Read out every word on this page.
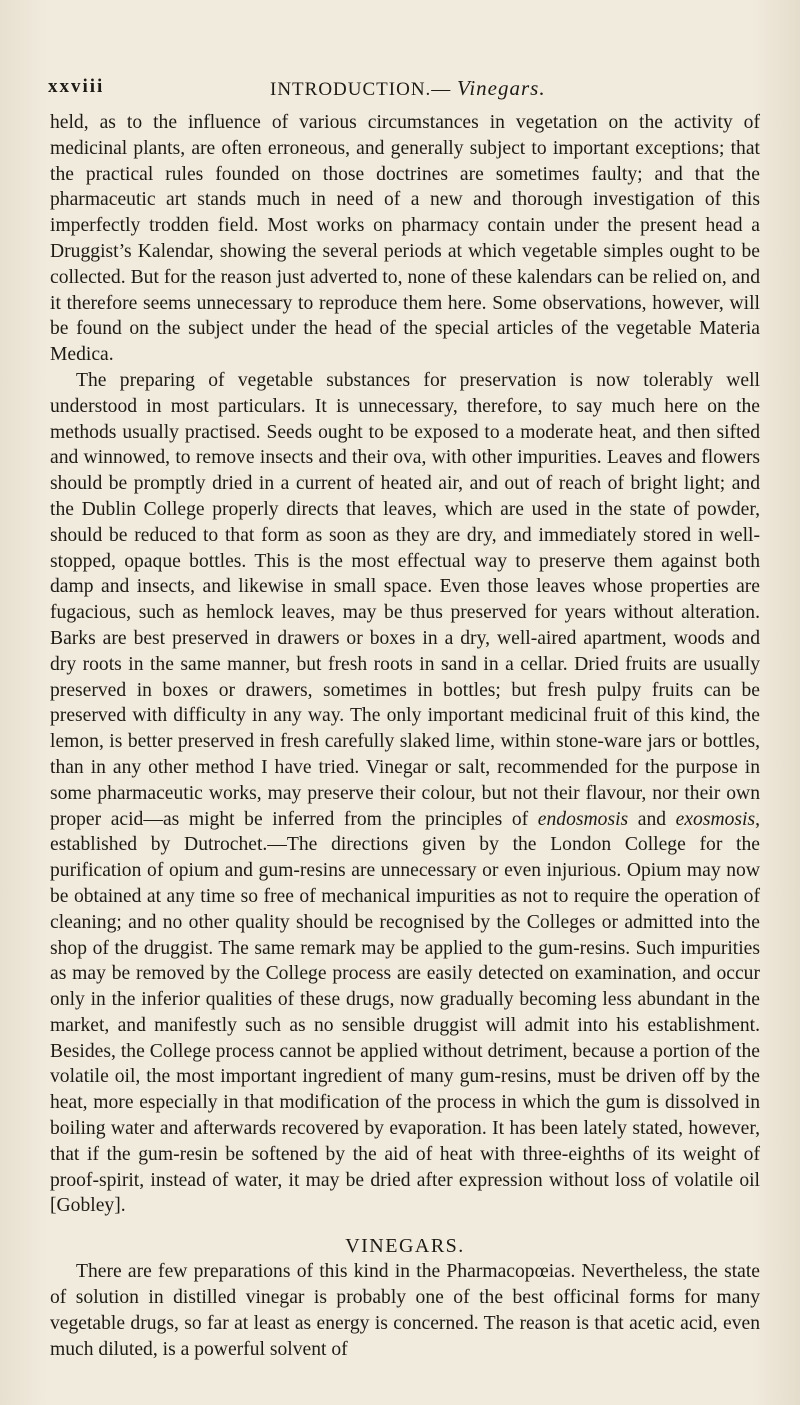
xxviii	INTRODUCTION.— Vinegars.

held, as to the influence of various circumstances in vegetation on the activity of medicinal plants, are often erroneous, and generally subject to important exceptions; that the practical rules founded on those doctrines are sometimes faulty; and that the pharmaceutic art stands much in need of a new and thorough investigation of this imperfectly trodden field. Most works on pharmacy contain under the present head a Druggist’s Kalendar, showing the several periods at which vegetable simples ought to be collected. But for the reason just adverted to, none of these kalendars can be relied on, and it therefore seems unnecessary to reproduce them here. Some observations, however, will be found on the subject under the head of the special articles of the vegetable Materia Medica.

The preparing of vegetable substances for preservation is now tolerably well understood in most particulars. It is unnecessary, therefore, to say much here on the methods usually practised. Seeds ought to be exposed to a moderate heat, and then sifted and winnowed, to remove insects and their ova, with other impurities. Leaves and flowers should be promptly dried in a current of heated air, and out of reach of bright light; and the Dublin College properly directs that leaves, which are used in the state of powder, should be reduced to that form as soon as they are dry, and immediately stored in well-stopped, opaque bottles. This is the most effectual way to preserve them against both damp and insects, and likewise in small space. Even those leaves whose properties are fugacious, such as hemlock leaves, may be thus preserved for years without alteration. Barks are best preserved in drawers or boxes in a dry, well-aired apartment, woods and dry roots in the same manner, but fresh roots in sand in a cellar. Dried fruits are usually preserved in boxes or drawers, sometimes in bottles; but fresh pulpy fruits can be preserved with difficulty in any way. The only important medicinal fruit of this kind, the lemon, is better preserved in fresh carefully slaked lime, within stone-ware jars or bottles, than in any other method I have tried. Vinegar or salt, recommended for the purpose in some pharmaceutic works, may preserve their colour, but not their flavour, nor their own proper acid—as might be inferred from the principles of endosmosis and exosmosis, established by Dutrochet.—The directions given by the London College for the purification of opium and gum-resins are unnecessary or even injurious. Opium may now be obtained at any time so free of mechanical impurities as not to require the operation of cleaning; and no other quality should be recognised by the Colleges or admitted into the shop of the druggist. The same remark may be applied to the gum-resins. Such impurities as may be removed by the College process are easily detected on examination, and occur only in the inferior qualities of these drugs, now gradually becoming less abundant in the market, and manifestly such as no sensible druggist will admit into his establishment. Besides, the College process cannot be applied without detriment, because a portion of the volatile oil, the most important ingredient of many gum-resins, must be driven off by the heat, more especially in that modification of the process in which the gum is dissolved in boiling water and afterwards recovered by evaporation. It has been lately stated, however, that if the gum-resin be softened by the aid of heat with three-eighths of its weight of proof-spirit, instead of water, it may be dried after expression without loss of volatile oil [Gobley].

VINEGARS.

There are few preparations of this kind in the Pharmacopœias. Nevertheless, the state of solution in distilled vinegar is probably one of the best officinal forms for many vegetable drugs, so far at least as energy is concerned. The reason is that acetic acid, even much diluted, is a powerful solvent of
